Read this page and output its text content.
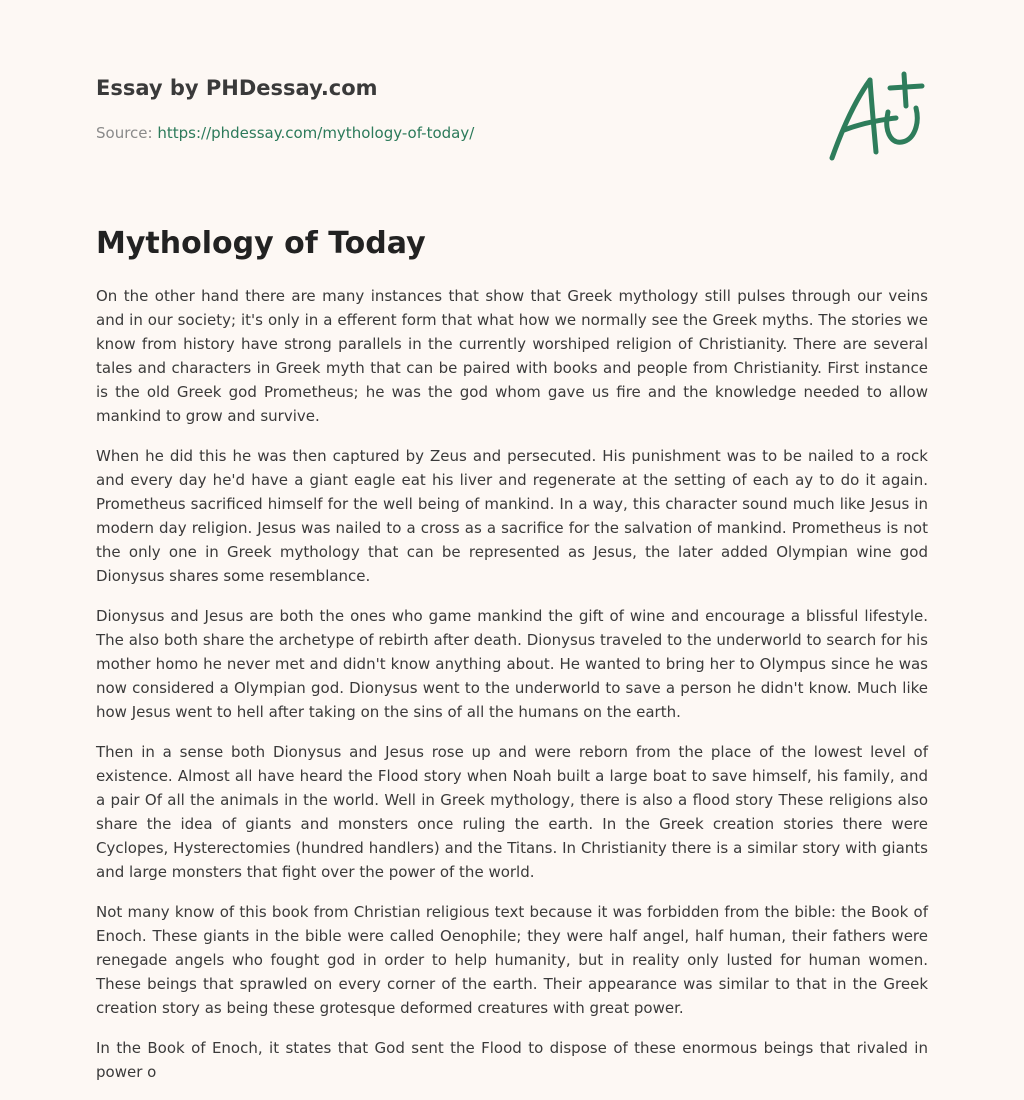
Essay by PHDessay.com
Source: https://phdessay.com/mythology-of-today/
Mythology of Today

On the other hand there are many instances that show that Greek mythology still pulses through our veins and in our society; it's only in a efferent form that what how we normally see the Greek myths. The stories we know from history have strong parallels in the currently worshiped religion of Christianity. There are several tales and characters in Greek myth that can be paired with books and people from Christianity. First instance is the old Greek god Prometheus; he was the god whom gave us fire and the knowledge needed to allow mankind to grow and survive.

When he did this he was then captured by Zeus and persecuted. His punishment was to be nailed to a rock and every day he'd have a giant eagle eat his liver and regenerate at the setting of each ay to do it again. Prometheus sacrificed himself for the well being of mankind. In a way, this character sound much like Jesus in modern day religion. Jesus was nailed to a cross as a sacrifice for the salvation of mankind. Prometheus is not the only one in Greek mythology that can be represented as Jesus, the later added Olympian wine god Dionysus shares some resemblance.

Dionysus and Jesus are both the ones who game mankind the gift of wine and encourage a blissful lifestyle. The also both share the archetype of rebirth after death. Dionysus traveled to the underworld to search for his mother homo he never met and didn't know anything about. He wanted to bring her to Olympus since he was now considered a Olympian god. Dionysus went to the underworld to save a person he didn't know. Much like how Jesus went to hell after taking on the sins of all the humans on the earth.

Then in a sense both Dionysus and Jesus rose up and were reborn from the place of the lowest level of existence. Almost all have heard the Flood story when Noah built a large boat to save himself, his family, and a pair Of all the animals in the world. Well in Greek mythology, there is also a flood story These religions also share the idea of giants and monsters once ruling the earth. In the Greek creation stories there were Cyclopes, Hysterectomies (hundred handlers) and the Titans. In Christianity there is a similar story with giants and large monsters that fight over the power of the world.

Not many know of this book from Christian religious text because it was forbidden from the bible: the Book of Enoch. These giants in the bible were called Oenophile; they were half angel, half human, their fathers were renegade angels who fought god in order to help humanity, but in reality only lusted for human women. These beings that sprawled on every corner of the earth. Their appearance was similar to that in the Greek creation story as being these grotesque deformed creatures with great power.

In the Book of Enoch, it states that God sent the Flood to dispose of these enormous beings that rivaled in power o
